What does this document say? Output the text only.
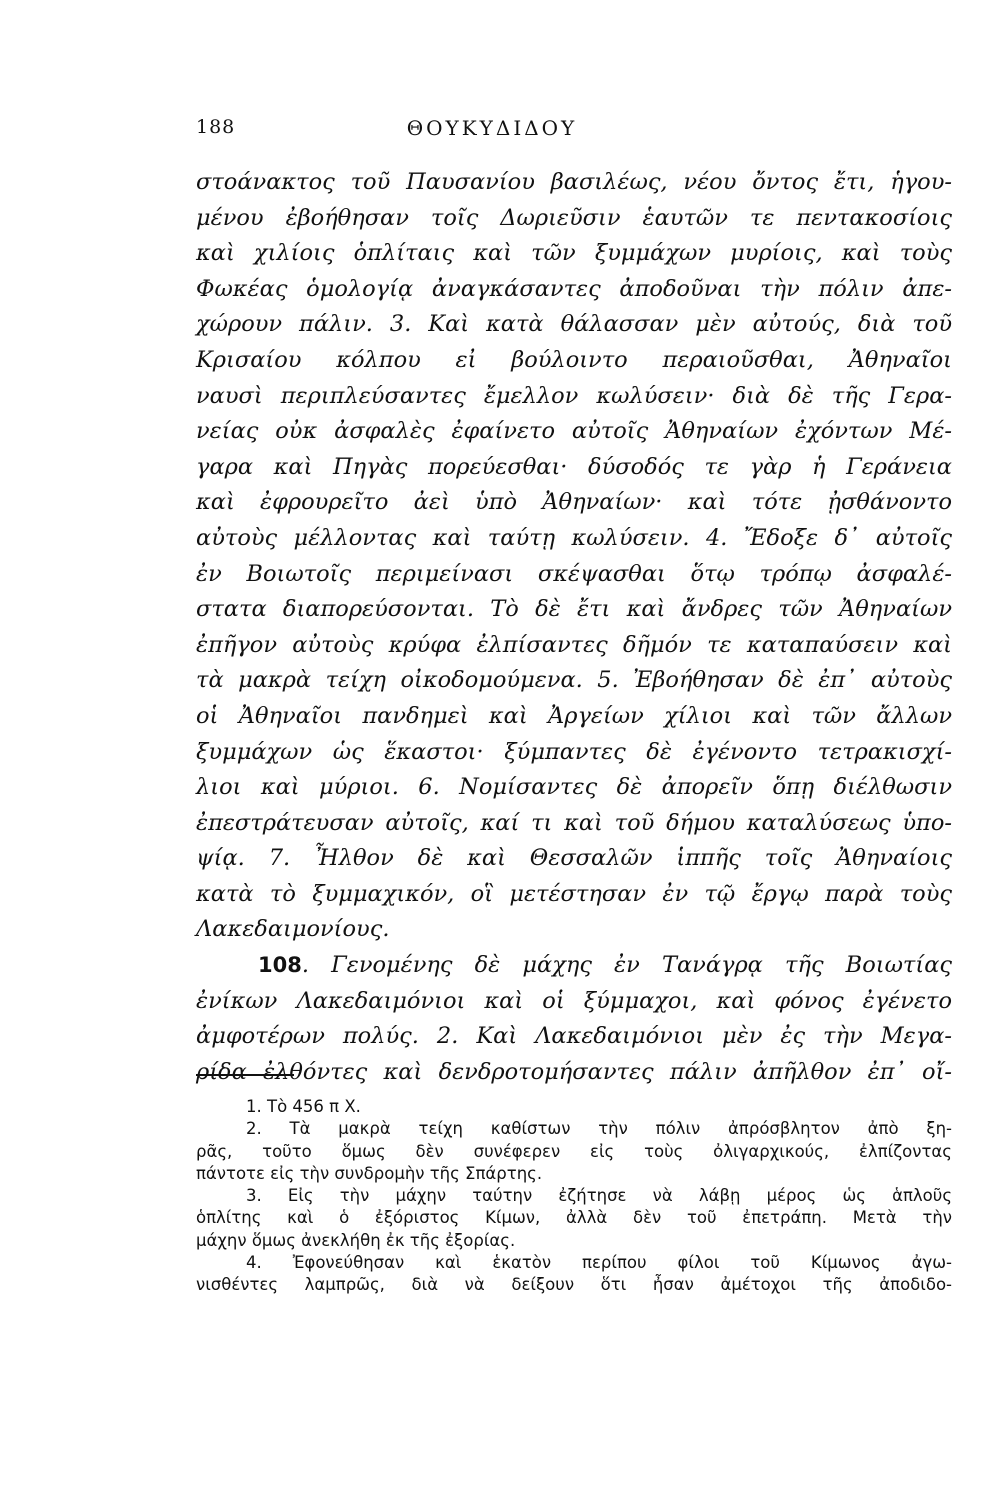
188	ΘΟΥΚΥΔΙΔΟΥ
στοάνακτος τοῦ Παυσανίου βασιλέως, νέου ὄντος ἔτι, ἡγου-
μένου ἐβοήθησαν τοῖς Δωριεῦσιν ἑαυτῶν τε πεντακοσίοις
καὶ χιλίοις ὁπλίταις καὶ τῶν ξυμμάχων μυρίοις, καὶ τοὺς
Φωκέας ὁμολογίᾳ ἀναγκάσαντες ἀποδοῦναι τὴν πόλιν ἀπε-
χώρουν πάλιν. 3. Καὶ κατὰ θάλασσαν μὲν αὐτούς, διὰ τοῦ
Κρισαίου κόλπου εἰ βούλοιντο περαιοῦσθαι, Ἀθηναῖοι
ναυσὶ περιπλεύσαντες ἔμελλον κωλύσειν· διὰ δὲ τῆς Γερα-
νείας οὐκ ἀσφαλὲς ἐφαίνετο αὐτοῖς Ἀθηναίων ἐχόντων Μέ-
γαρα καὶ Πηγὰς πορεύεσθαι· δύσοδός τε γὰρ ἡ Γεράνεια
καὶ ἐφρουρεῖτο ἀεὶ ὑπὸ Ἀθηναίων· καὶ τότε ᾐσθάνοντο
αὐτοὺς μέλλοντας καὶ ταύτῃ κωλύσειν. 4. Ἔδοξε δ᾽ αὐτοῖς
ἐν Βοιωτοῖς περιμείνασι σκέψασθαι ὅτῳ τρόπῳ ἀσφαλέ-
στατα διαπορεύσονται. Τὸ δὲ ἔτι καὶ ἄνδρες τῶν Ἀθηναίων
ἐπῆγον αὐτοὺς κρύφα ἐλπίσαντες δῆμόν τε καταπαύσειν καὶ
τὰ μακρὰ τείχη οἰκοδομούμενα. 5. Ἐβοήθησαν δὲ ἐπ᾽ αὐτοὺς
οἱ Ἀθηναῖοι πανδημεὶ καὶ Ἀργείων χίλιοι καὶ τῶν ἄλλων
ξυμμάχων ὡς ἕκαστοι· ξύμπαντες δὲ ἐγένοντο τετρακισχί-
λιοι καὶ μύριοι. 6. Νομίσαντες δὲ ἀπορεῖν ὅπῃ διέλθωσιν
ἐπεστράτευσαν αὐτοῖς, καί τι καὶ τοῦ δήμου καταλύσεως ὑπο-
ψίᾳ. 7. Ἦλθον δὲ καὶ Θεσσαλῶν ἱππῆς τοῖς Ἀθηναίοις
κατὰ τὸ ξυμμαχικόν, οἳ μετέστησαν ἐν τῷ ἔργῳ παρὰ τοὺς
Λακεδαιμονίους.
108. Γενομένης δὲ μάχης ἐν Τανάγρᾳ τῆς Βοιωτίας
ἐνίκων Λακεδαιμόνιοι καὶ οἱ ξύμμαχοι, καὶ φόνος ἐγένετο
ἀμφοτέρων πολύς. 2. Καὶ Λακεδαιμόνιοι μὲν ἐς τὴν Μεγα-
ρίδα ἐλθόντες καὶ δενδροτομήσαντες πάλιν ἀπῆλθον ἐπ᾽ οἴ-
1. Τὸ 456 π Χ.
2. Τὰ μακρὰ τείχη καθίστων τὴν πόλιν ἀπρόσβλητον ἀπὸ ξη-
ρᾶς, τοῦτο ὅμως δὲν συνέφερεν εἰς τοὺς ὀλιγαρχικούς, ἐλπίζοντας
πάντοτε εἰς τὴν συνδρομὴν τῆς Σπάρτης.
3. Εἰς τὴν μάχην ταύτην ἐζήτησε νὰ λάβῃ μέρος ὡς ἁπλοῦς
ὁπλίτης καὶ ὁ ἐξόριστος Κίμων, ἀλλὰ δὲν τοῦ ἐπετράπη. Μετὰ τὴν
μάχην ὅμως ἀνεκλήθη ἐκ τῆς ἐξορίας.
4. Ἐφονεύθησαν καὶ ἑκατὸν περίπου φίλοι τοῦ Κίμωνος ἀγω-
νισθέντες λαμπρῶς, διὰ νὰ δείξουν ὅτι ἦσαν ἀμέτοχοι τῆς ἀποδιδο-
